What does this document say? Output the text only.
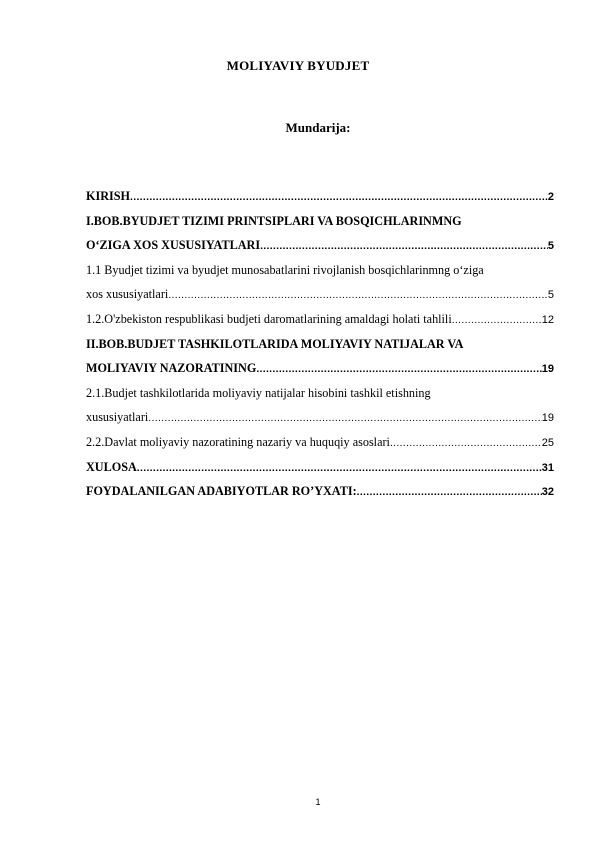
MOLIYAVIY BYUDJET
Mundarija:
KIRISH .....	2
I.BOB.BYUDJET TIZIMI PRINTSIPLARI VA BOSQICHLARINMNG
O‘ZIGA XOS XUSUSIYATLARI .....	5
1.1 Byudjet tizimi va byudjet munosabatlarini rivojlanish bosqichlarinmng o‘ziga
xos xususiyatlari .....	5
1.2.O'zbekiston respublikasi budjeti daromatlarining amaldagi holati tahlili .....	12
II.BOB.BUDJET TASHKILOTLARIDA MOLIYAVIY NATIJALAR VA
MOLIYAVIY NAZORATINING .....	19
2.1.Budjet tashkilotlarida moliyaviy natijalar hisobini tashkil etishning
xususiyatlari .....	19
2.2.Davlat moliyaviy nazoratining nazariy va huquqiy asoslari .....	25
XULOSA .....	31
FOYDALANILGAN ADABIYOTLAR RO’YXATI: .....	32
1
